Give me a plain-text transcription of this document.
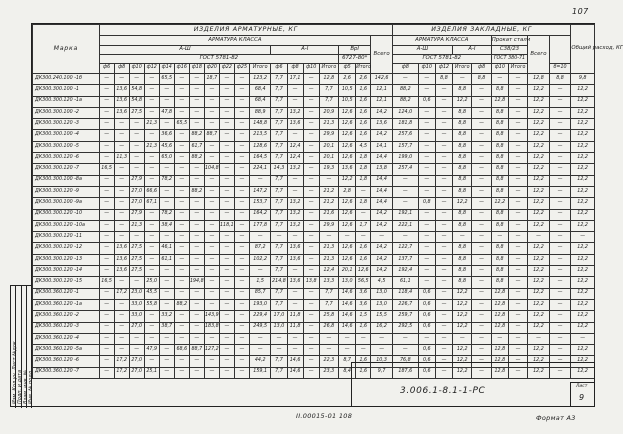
107
Марка	ИЗДЕЛИЯ АРМАТУРНЫЕ, КГ																		ИЗДЕЛИЯ ЗАКЛАДНЫЕ, КГ									Общий расход, КГ	
	АРМАТУРА КЛАССА																	Всего	АРМАТУРА КЛАССА					Прокат стали		Всего			
	А-Ш											А-I				ВрI			А-Ш			А-I		С38/23					
	ГОСТ 5781-82															6727-80*			ГОСТ 5781-82					ГОСТ 380-71					
	ф6	ф8	ф10	ф12	ф14	ф16	ф18	ф20	ф22	ф25	Итого	ф6	ф8	ф10	Итого	ф5	Итого		ф8	ф10	ф12	Итого	ф8	ф10	Итого		б=10	
ДК300.240.100 -1б	—	—	—	—	65,5	—	—	18,7	—	—	123,2	7,7	17,1	—	12,8	2,6	2,6	142,6	—	—	8,8	—	8,8	—	—	12,8	8,8	9,8	
ДК300.300.100 -1	—	13,6	54,8	—	—	—	—	—	—	—	68,4	7,7	—	—	7,7	10,5	1,6	12,1	88,2	—	—	8,8	—	8,8	—	12,2	—	12,2	
ДК300.300.120 -1а	—	13,6	54,8	—	—	—	—	—	—	—	68,4	7,7	—	—	7,7	10,5	1,6	12,1	88,2	0,6	—	12,2	—	12,8	—	12,2	—	12,2	
ДК300.300.100 -2	—	13,6	27,5	—	47,8	—	—	—	—	—	88,9	7,7	13,2	—	20,9	12,6	1,6	14,2	124,0	—	—	8,8	—	8,8	—	12,2	—	12,2	
ДК300.300.120 -3	—	—	—	21,3	—	65,5	—	—	—	—	148,8	7,7	13,6	—	21,3	12,6	1,6	13,6	181,8	—	—	8,8	—	8,8	—	12,2	—	12,2	
ДК300.300.100 -4	—	—	—	—	36,6	—	88,2	88,7	—	—	213,5	7,7	—	—	29,9	12,6	1,6	14,2	257,6	—	—	8,8	—	8,8	—	12,2	—	12,2	
ДК300.300.100 -5	—	—	—	21,3	45,6	—	61,7	—	—	—	128,6	7,7	12,4	—	20,1	12,6	4,5	14,1	157,7	—	—	8,8	—	8,8	—	12,2	—	12,2	
ДК300.300.120 -6	—	11,3	—	—	65,0	—	88,2	—	—	—	164,5	7,7	12,4	—	20,1	12,6	1,8	14,4	199,0	—	—	8,8	—	8,8	—	12,2	—	12,2	
ДК300.300.120 -7	16,5	—	—	—	—	—	—	104,8	—	—	224,1	14,3	13,2	—	19,3	13,6	1,8	13,8	257,4	—	—	8,8	—	8,8	—	12,2	—	12,2	
ДК300.300.100 -8а	—	—	27,9	—	78,2	—	—	—	—	—	—	7,7	—	—	—	12,2	1,8	14,4	—	—	—	8,8	—	8,8	—	12,2	—	12,2	
ДК300.300.120 -9	—	—	27,0	66,6	—	—	88,2	—	—	—	147,2	7,7	—	—	21,2	2,8	—	14,4	—	—	—	8,8	—	8,8	—	12,2	—	12,2	
ДК300.300.100 -9а	—	—	27,0	67,1	—	—	—	—	—	—	153,7	7,7	13,2	—	21,2	12,6	1,8	14,4	—	0,8	—	12,2	—	12,2	—	12,2	—	12,2	
ДК300.300.120 -10	—	—	27,9	—	78,2	—	—	—	—	—	164,2	7,7	13,2	—	21,6	12,6	—	14,2	192,1	—	—	8,8	—	8,8	—	12,2	—	12,2	
ДК300.300.120 -10а	—	—	21,3	—	38,4	—	—	—	118,1	—	177,8	7,7	13,2	—	29,9	12,6	1,7	14,2	222,1	—	—	8,8	—	8,8	—	12,2	—	12,2	
ДК300.300.120 -11	—	—	—	—	—	—	—	—	—	—	—	—	—	—	—	—	—	—	—	—	—	—	—	—	—	—	—	—	
ДК300.300.120 -12	—	13,6	27,5	—	46,1	—	—	—	—	—	87,2	7,7	13,6	—	21,3	12,6	1,6	14,2	122,7	—	—	8,8	—	8,8	—	12,2	—	12,2	
ДК300.300.120 -13	—	13,6	27,5	—	61,1	—	—	—	—	—	102,2	7,7	13,6	—	21,3	12,6	1,6	14,2	137,7	—	—	8,8	—	8,8	—	12,2	—	12,2	
ДК300.300.120 -14	—	13,6	27,5	—	—	—	—	—	—	—	—	7,7	—	—	12,4	20,1	12,6	14,2	192,4	—	—	8,8	—	8,8	—	12,2	—	12,2	
ДК300.300.120 -15	16,5	—	—	25,0	—	—	194,8	—	—	—	1,5	214,8	13,6	13,8	13,3	13,0	56,5	4,5	61,1	—	—	8,8	—	8,8	—	12,2	—	12,2	
ДК300.360.120 -1	—	17,2	23,0	45,5	—	—	—	—	—	—	85,7	7,7	—	—	7,7	14,6	3,6	13,0	118,4	0,6	—	12,2	—	12,8	—	12,2	—	12,2	
ДК300.360.120 -1а	—	—	33,0	55,8	—	88,2	—	—	—	—	193,0	7,7	—	—	7,7	14,6	3,6	13,0	226,7	0,6	—	12,2	—	12,8	—	12,2	—	12,2	
ДК300.360.120 -2	—	—	33,0	—	33,2	—	—	143,9	—	—	229,4	17,0	11,8	—	25,8	14,6	1,5	15,5	259,7	0,6	—	12,2	—	12,8	—	12,2	—	12,2	
ДК300.360.120 -3	—	—	27,0	—	38,7	—	—	183,8	—	—	249,5	13,0	11,8	—	26,8	14,6	1,6	16,2	292,5	0,6	—	12,2	—	12,8	—	12,2	—	12,2	
ДК300.360.120 -4	—	—	—	—	—	—	—	—	—	—	—	—	—	—	—	—	—	—	—	—	—	—	—	—	—	—	—	—	
ДК300.360.120 -5а	—	—	—	47,9	—	68,6	88,7	127,2	—	—	—	—	—	—	—	—	—	—	—	0,6	—	12,2	—	12,8	—	12,2	—	12,2	
ДК300.360.120 -6	—	17,2	27,0	—	—	—	—	—	—	—	44,2	7,7	14,6	—	22,3	8,7	1,6	10,3	76,8	0,6	—	12,2	—	12,8	—	12,2	—	12,2	
ДК300.360.120 -7	—	17,2	27,0	25,1	—	—	—	—	—	—	159,1	7,7	14,6	—	23,3	8,4	1,6	9,7	187,6	0,6	—	12,2	—	12,8	—	12,2	—	12,2	
Изм. Кол.уч. Лист №док. Подп. и дата Взам. инв. № Инв. № подл.	3.006.1-8.1-1-РС	Лист
9
II.00015-01 108	Формат А3
